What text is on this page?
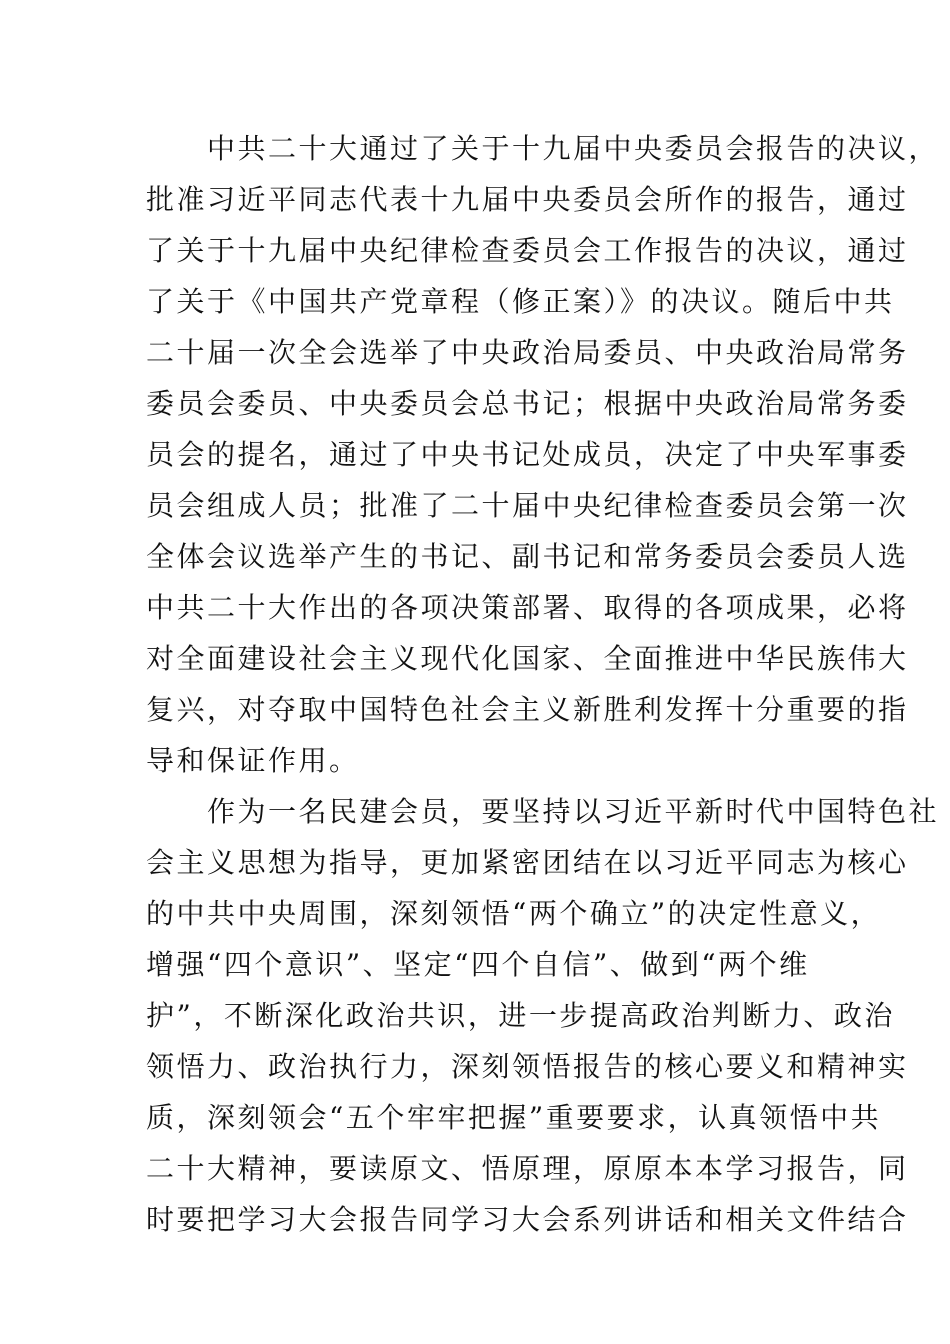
　　中共二十大通过了关于十九届中央委员会报告的决议，
批准习近平同志代表十九届中央委员会所作的报告，通过
了关于十九届中央纪律检查委员会工作报告的决议，通过
了关于《中国共产党章程（修正案）》的决议。随后中共
二十届一次全会选举了中央政治局委员、中央政治局常务
委员会委员、中央委员会总书记；根据中央政治局常务委
员会的提名，通过了中央书记处成员，决定了中央军事委
员会组成人员；批准了二十届中央纪律检查委员会第一次
全体会议选举产生的书记、副书记和常务委员会委员人选
中共二十大作出的各项决策部署、取得的各项成果，必将
对全面建设社会主义现代化国家、全面推进中华民族伟大
复兴，对夺取中国特色社会主义新胜利发挥十分重要的指
导和保证作用。
　　作为一名民建会员，要坚持以习近平新时代中国特色社
会主义思想为指导，更加紧密团结在以习近平同志为核心
的中共中央周围，深刻领悟“两个确立”的决定性意义，
增强“四个意识”、坚定“四个自信”、做到“两个维
护”，不断深化政治共识，进一步提高政治判断力、政治
领悟力、政治执行力，深刻领悟报告的核心要义和精神实
质，深刻领会“五个牢牢把握”重要要求，认真领悟中共
二十大精神，要读原文、悟原理，原原本本学习报告，同
时要把学习大会报告同学习大会系列讲话和相关文件结合
